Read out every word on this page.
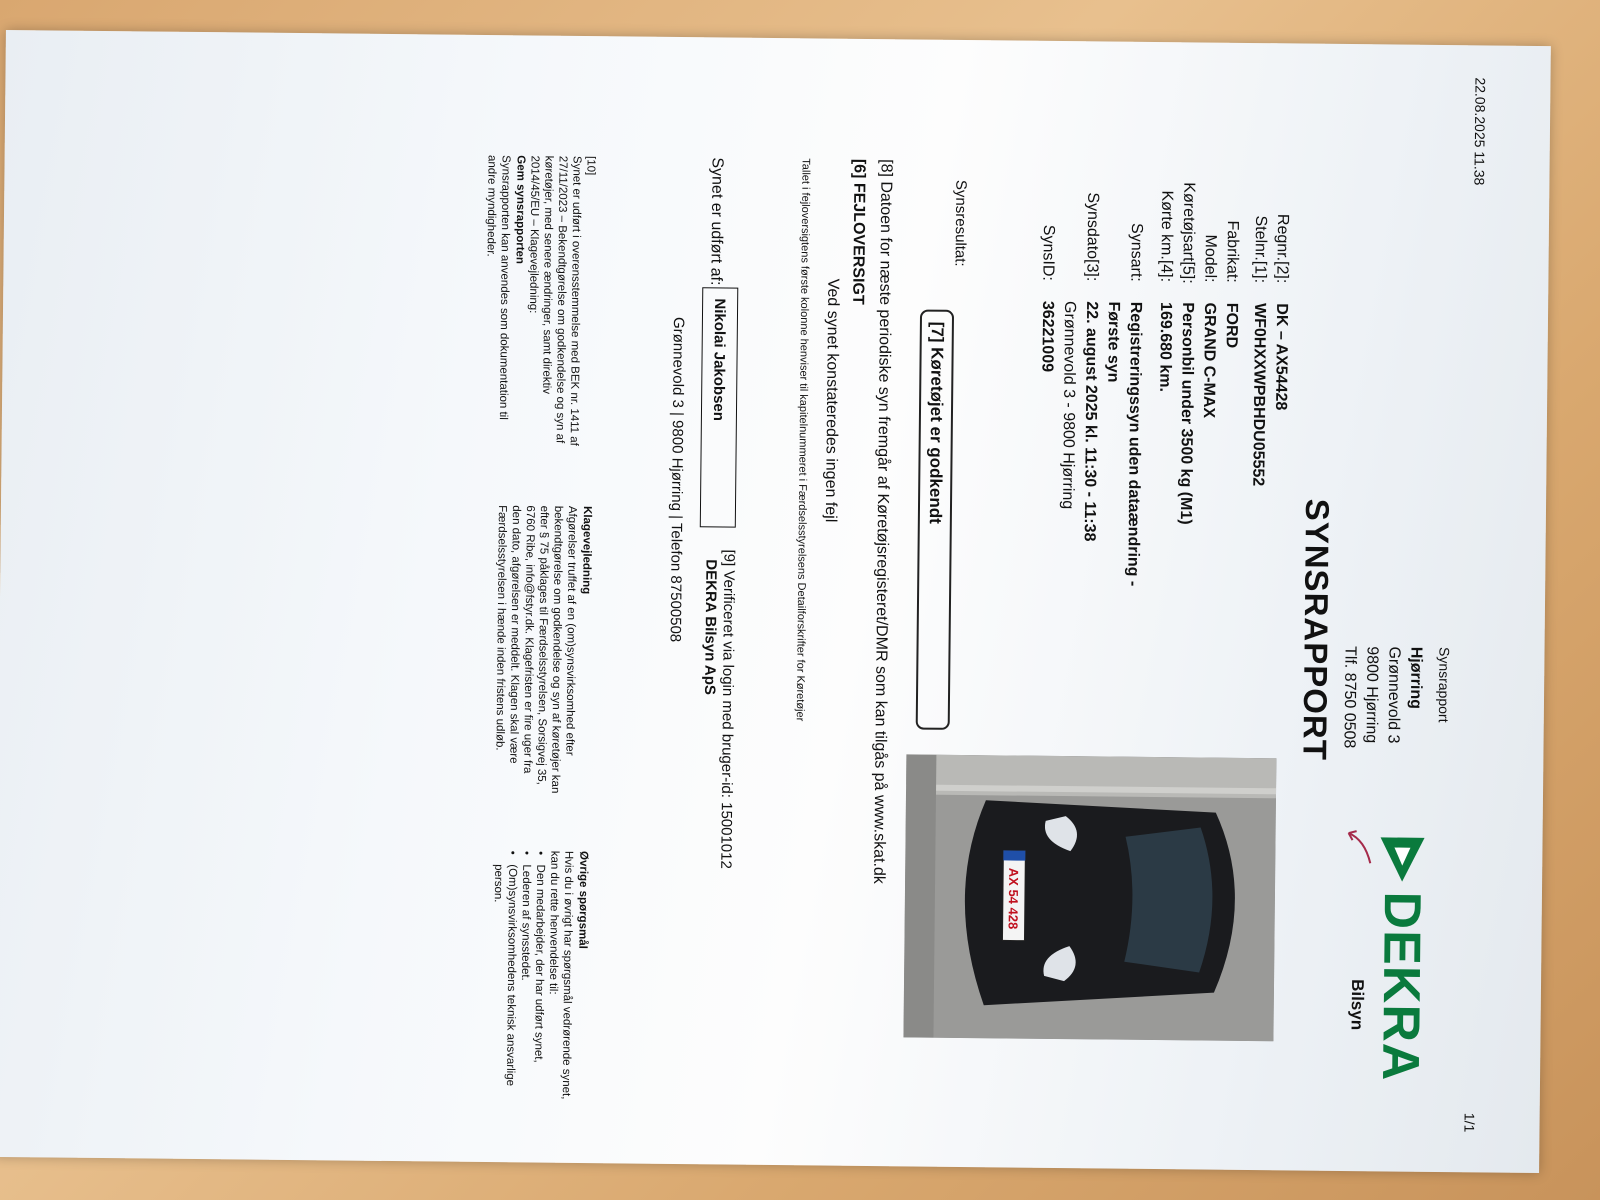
22.08.2025 11.38
1/1
Synsrapport
Hjørring
Grønnevold 3
9800 Hjørring
Tlf. 8750 0508
DEKRA
Bilsyn
SYNSRAPPORT
Regnr.[2]:
DK – AX54428
Stelnr.[1]:
WF0HXXWPBHDU05552
Fabrikat:
FORD
Model:
GRAND C-MAX
Køretøjsart[5]:
Personbil under 3500 kg (M1)
Kørte km.[4]:
169.680 km.
Synsart:
Registreringssyn uden dataændring -
Første syn
Synsdato[3]:
22. august 2025 kl. 11:30 - 11:38
Grønnevold 3 - 9800 Hjørring
SynsID:
36221009
AX 54 428
Synsresultat:
[7] Køretøjet er godkendt
[8] Datoen for næste periodiske syn fremgår af Køretøjsregisteret/DMR som kan tilgås på www.skat.dk
[6] FEJLOVERSIGT
Ved synet konstateredes ingen fejl
Tallet i fejloversigtens første kolonne henviser til kapitelnummeret i Færdselsstyrelsens Detailforskrifter for Køretøjer
Synet er udført af:
Nikolai Jakobsen
[9] Verificeret via login med bruger-id: 15001012
DEKRA Bilsyn ApS
Grønnevold 3 | 9800 Hjørring | Telefon 87500508

[10]

Synet er udført i overensstemmelse med BEK nr. 1411 af 27/11/2023 – Bekendtgørelse om godkendelse og syn af køretøjer, med senere ændringer, samt direktiv 2014/45/EU – Klagevejledning:

Gem synsrapporten

Synsrapporten kan anvendes som dokumentation til andre myndigheder.

Klagevejledning

Afgørelser truffet af en (om)synsvirksomhed efter bekendtgørelse om godkendelse og syn af køretøjer kan efter § 75 påklages til Færdselsstyrelsen, Sorsigvej 35, 6760 Ribe, info@fstyr.dk. Klagefristen er fire uger fra den dato, afgørelsen er meddelt. Klagen skal være Færdselsstyrelsen i hænde inden fristens udløb.

Øvrige spørgsmål

Hvis du i øvrigt har spørgsmål vedrørende synet, kan du rette henvendelse til:

• Den medarbejder, der har udført synet,
• Lederen af synsstedet.
• (Om)synsvirksomhedens teknisk ansvarlige person.
